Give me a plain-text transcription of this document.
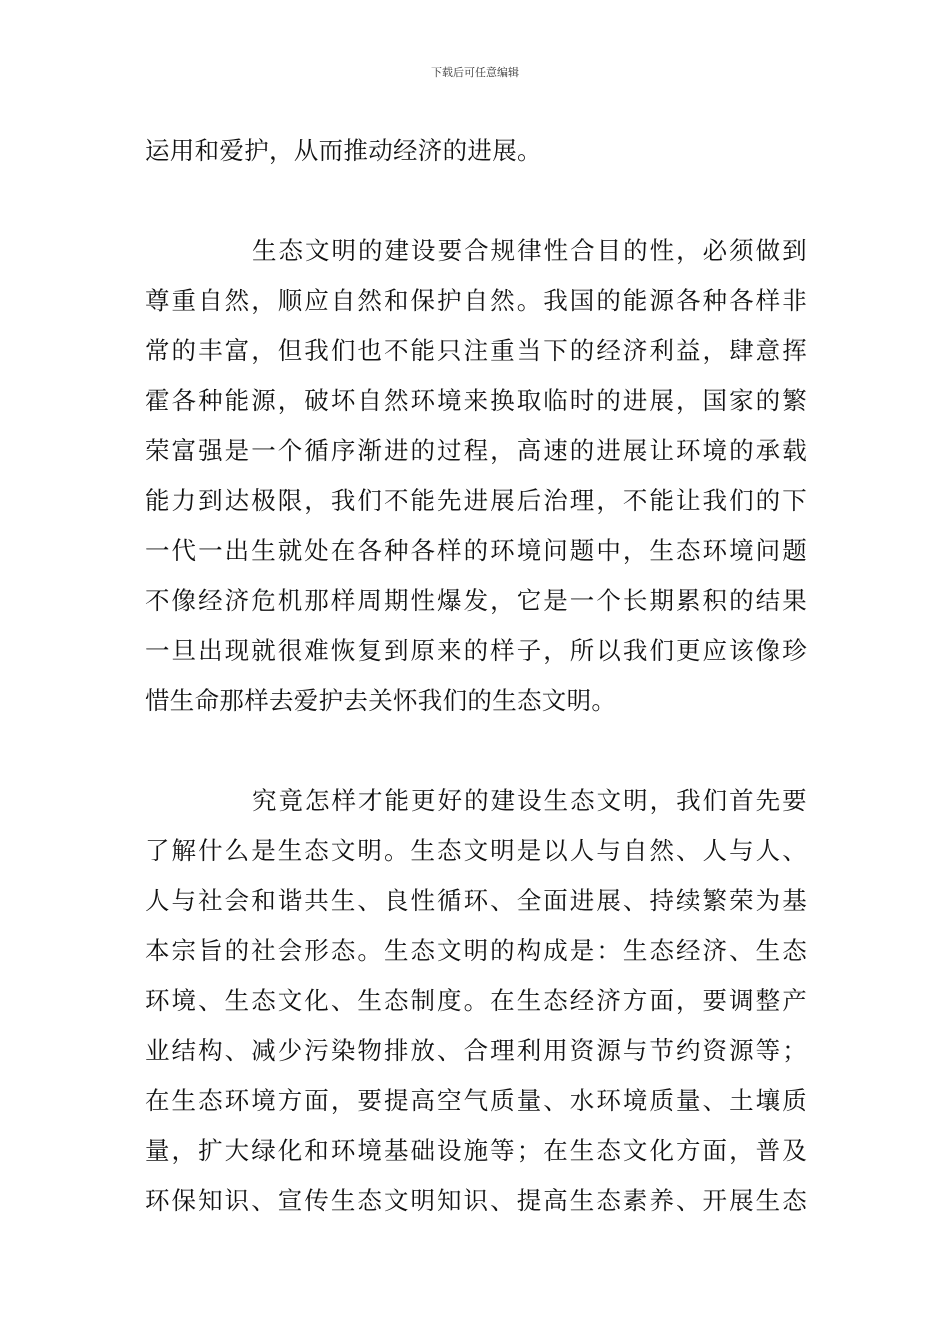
下载后可任意编辑
运用和爱护，从而推动经济的进展。
生态文明的建设要合规律性合目的性，必须做到
尊重自然，顺应自然和保护自然。我国的能源各种各样非
常的丰富，但我们也不能只注重当下的经济利益，肆意挥
霍各种能源，破坏自然环境来换取临时的进展，国家的繁
荣富强是一个循序渐进的过程，高速的进展让环境的承载
能力到达极限，我们不能先进展后治理，不能让我们的下
一代一出生就处在各种各样的环境问题中，生态环境问题
不像经济危机那样周期性爆发，它是一个长期累积的结果
一旦出现就很难恢复到原来的样子，所以我们更应该像珍
惜生命那样去爱护去关怀我们的生态文明。
究竟怎样才能更好的建设生态文明，我们首先要
了解什么是生态文明。生态文明是以人与自然、人与人、
人与社会和谐共生、良性循环、全面进展、持续繁荣为基
本宗旨的社会形态。生态文明的构成是：生态经济、生态
环境、生态文化、生态制度。在生态经济方面，要调整产
业结构、减少污染物排放、合理利用资源与节约资源等；
在生态环境方面，要提高空气质量、水环境质量、土壤质
量，扩大绿化和环境基础设施等；在生态文化方面，普及
环保知识、宣传生态文明知识、提高生态素养、开展生态
